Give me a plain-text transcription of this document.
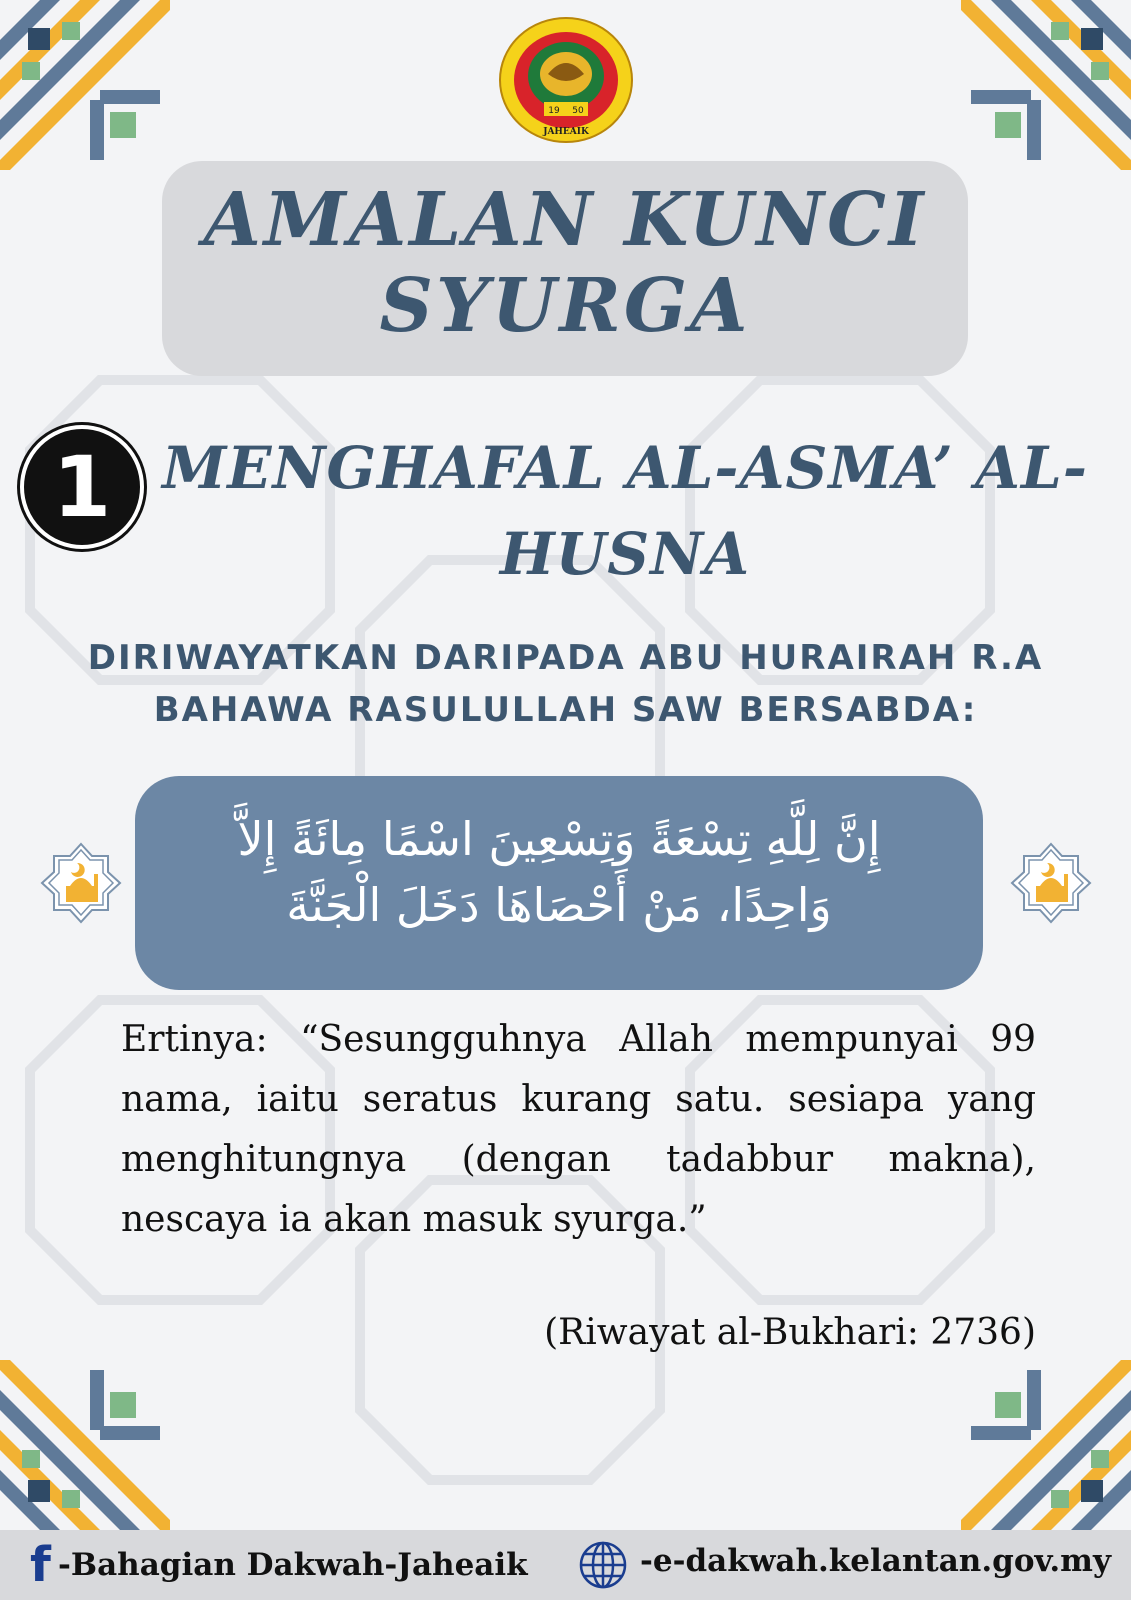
19 50
JAHEAIK
AMALAN KUNCI
SYURGA
1 MENGHAFAL AL-ASMA’ AL-
HUSNA
DIRIWAYATKAN DARIPADA ABU HURAIRAH R.A
BAHAWA RASULULLAH SAW BERSABDA:
إِنَّ لِلَّهِ تِسْعَةً وَتِسْعِينَ اسْمًا مِائَةً إِلاَّ
وَاحِدًا، مَنْ أَحْصَاهَا دَخَلَ الْجَنَّةَ
Ertinya: “Sesungguhnya Allah mempunyai 99 nama, iaitu seratus kurang satu. sesiapa yang menghitungnya (dengan tadabbur makna), nescaya ia akan masuk syurga.”
(Riwayat al-Bukhari: 2736)
f -Bahagian Dakwah-Jaheaik	-e-dakwah.kelantan.gov.my
